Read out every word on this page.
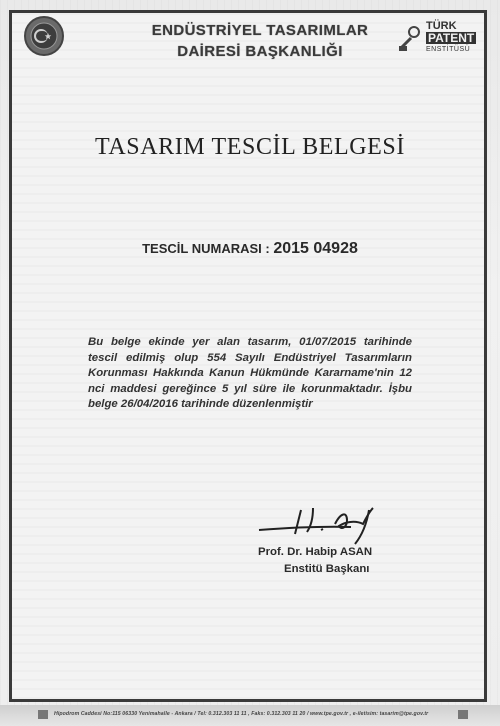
ENDÜSTRİYEL TASARIMLAR
DAİRESİ BAŞKANLIĞI
TÜRK
PATENT
ENSTİTÜSÜ
TASARIM TESCİL BELGESİ
TESCİL NUMARASI : 2015 04928
Bu belge ekinde yer alan tasarım, 01/07/2015 tarihinde tescil edilmiş olup 554 Sayılı Endüstriyel Tasarımların Korunması Hakkında Kanun Hükmünde Kararname'nin 12 nci maddesi gereğince 5 yıl süre ile korunmaktadır. İşbu belge 26/04/2016 tarihinde düzenlenmiştir
Prof. Dr. Habip ASAN
Enstitü Başkanı
Hipodrom Caddesi No:115 06330 Yenimahalle - Ankara / Tel: 0.312.303 11 11 , Faks: 0.312.303 11 20 / www.tpe.gov.tr , e-iletisim: tasarim@tpe.gov.tr
